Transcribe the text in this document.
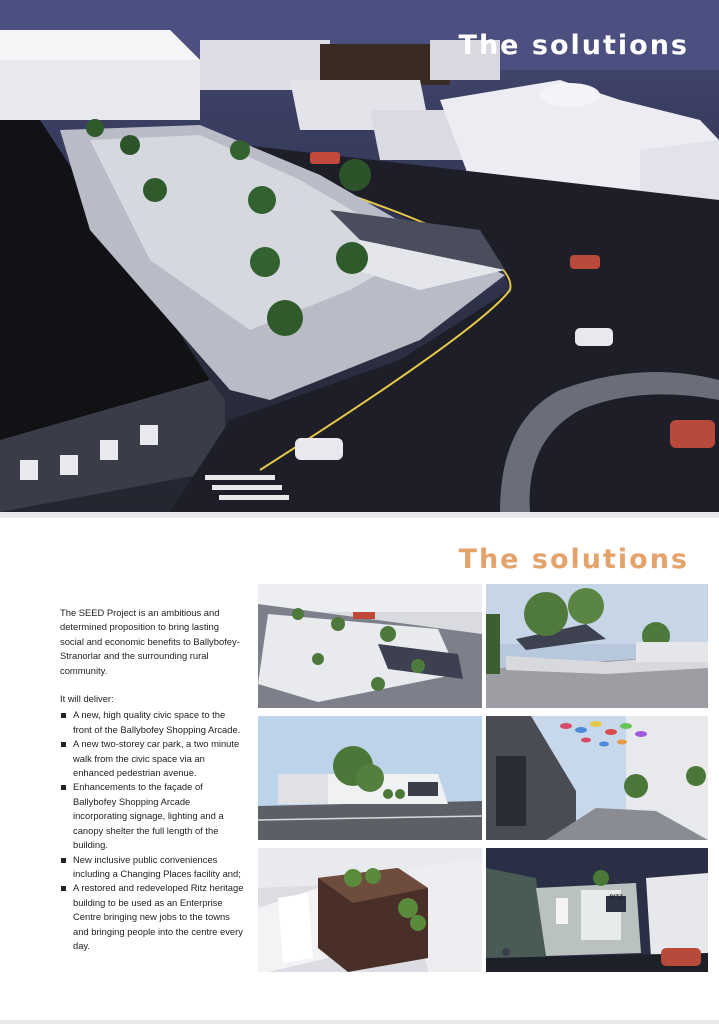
The solutions
The solutions

The SEED Project is an ambitious and determined proposition to bring lasting social and economic benefits to Ballybofey-Stranorlar and the surrounding rural community.

It will deliver:

A new, high quality civic space to the front of the Ballybofey Shopping Arcade.
A new two-storey car park, a two minute walk from the civic space via an enhanced pedestrian avenue.
Enhancements to the façade of Ballybofey Shopping Arcade incorporating signage, lighting and a canopy shelter the full length of the building.
New inclusive public conveniences including a Changing Places facility and;
A restored and redeveloped Ritz heritage building to be used as an Enterprise Centre bringing new jobs to the towns and bringing people into the centre every day.
RITZ
